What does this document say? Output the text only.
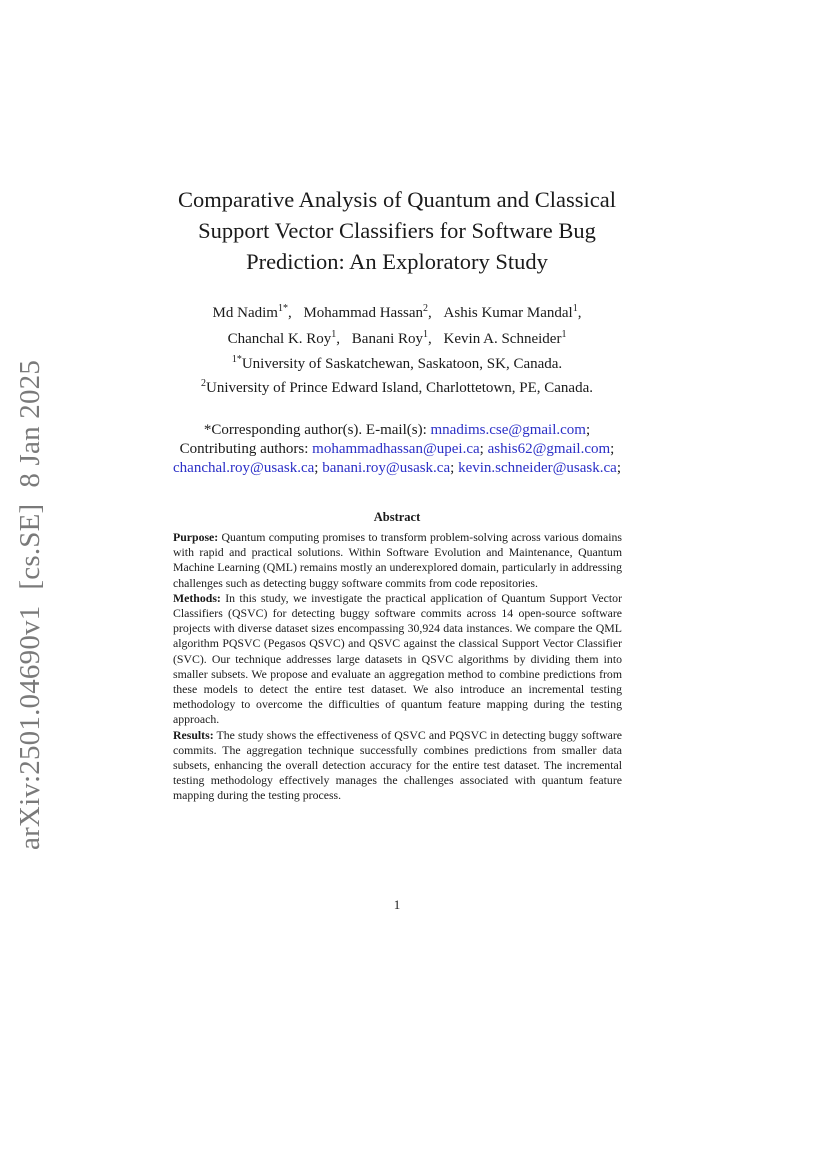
arXiv:2501.04690v1[cs.SE]8 Jan 2025
Comparative Analysis of Quantum and Classical
Support Vector Classifiers for Software Bug
Prediction: An Exploratory Study
Md Nadim$^{1*}$, Mohammad Hassan$^2$, Ashis Kumar Mandal$^1$,
Chanchal K. Roy$^1$, Banani Roy$^1$, Kevin A. Schneider$^1$
$^{1*}$University of Saskatchewan, Saskatoon, SK, Canada.
$^2$University of Prince Edward Island, Charlottetown, PE, Canada.
*Corresponding author(s). E-mail(s): mnadims.cse@gmail.com;
Contributing authors: mohammadhassan@upei.ca; ashis62@gmail.com;
chanchal.roy@usask.ca; banani.roy@usask.ca; kevin.schneider@usask.ca;
Abstract

Purpose: Quantum computing promises to transform problem-solving across various domains with rapid and practical solutions. Within Software Evolution and Maintenance, Quantum Machine Learning (QML) remains mostly an underexplored domain, particularly in addressing challenges such as detecting buggy software commits from code repositories.

Methods: In this study, we investigate the practical application of Quantum Support Vector Classifiers (QSVC) for detecting buggy software commits across 14 open-source software projects with diverse dataset sizes encompassing 30,924 data instances. We compare the QML algorithm PQSVC (Pegasos QSVC) and QSVC against the classical Support Vector Classifier (SVC). Our technique addresses large datasets in QSVC algorithms by dividing them into smaller subsets. We propose and evaluate an aggregation method to combine predictions from these models to detect the entire test dataset. We also introduce an incremental testing methodology to overcome the difficulties of quantum feature mapping during the testing approach.

Results: The study shows the effectiveness of QSVC and PQSVC in detecting buggy software commits. The aggregation technique successfully combines predictions from smaller data subsets, enhancing the overall detection accuracy for the entire test dataset. The incremental testing methodology effectively manages the challenges associated with quantum feature mapping during the testing process.

1
